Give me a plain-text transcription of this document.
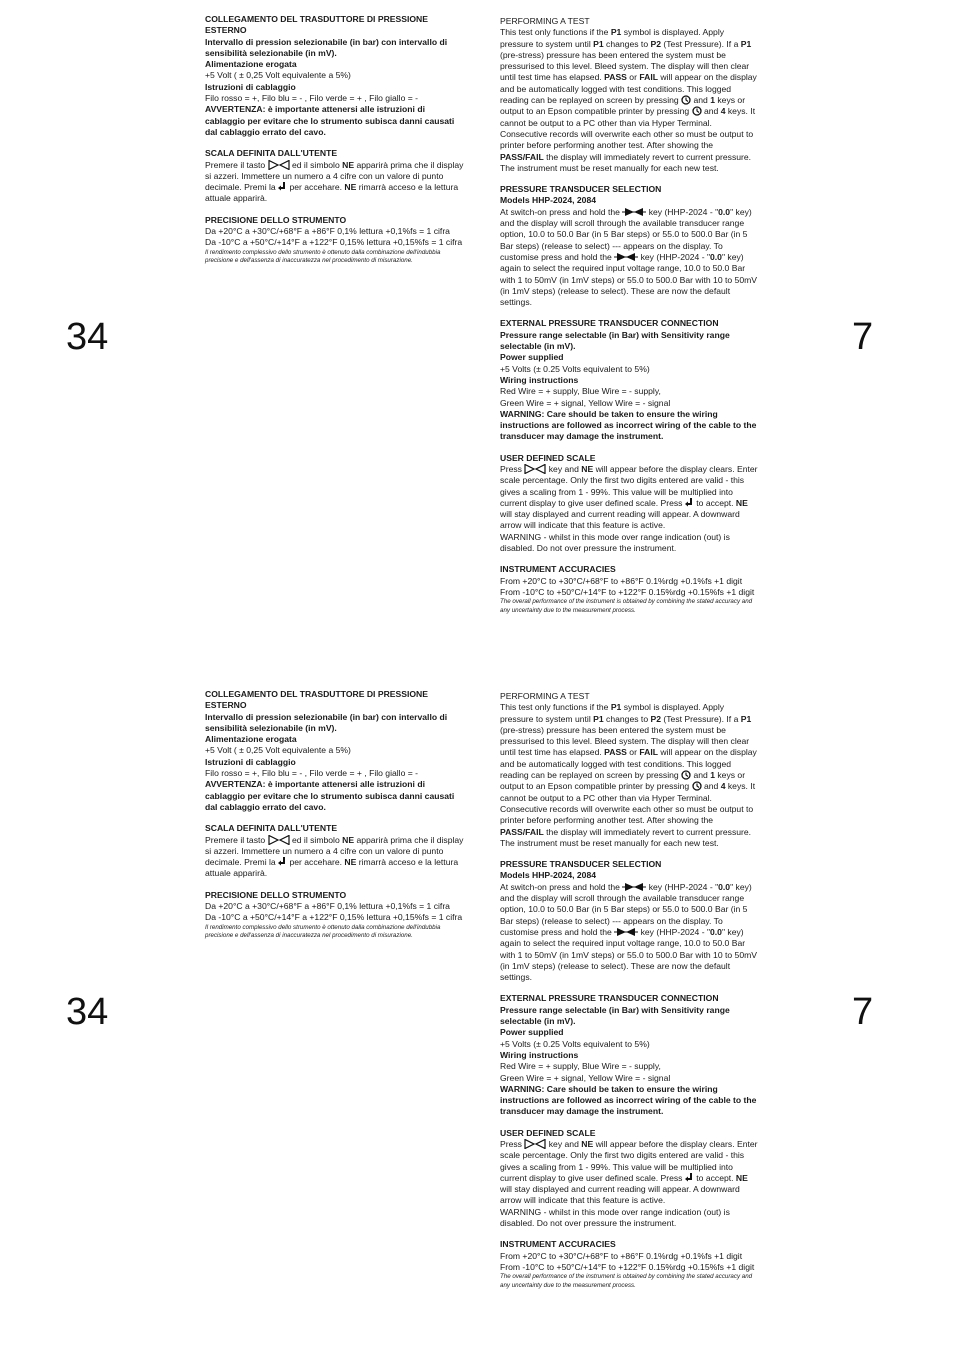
34	7

COLLEGAMENTO DEL TRASDUTTORE DI PRESSIONE ESTERNO

Intervallo di pression selezionabile (in bar) con intervallo di sensibilità selezionabile (in mV).

Alimentazione erogata

+5 Volt ( ± 0,25 Volt equivalente a 5%)

Istruzioni di cablaggio

Filo rosso = +, Filo blu = - , Filo verde = + , Filo giallo = -

AVVERTENZA: è importante attenersi alle istruzioni di cablaggio per evitare che lo strumento subisca danni causati dal cablaggio errato del cavo.

SCALA DEFINITA DALL'UTENTE

Premere il tasto	ed il simbolo NE apparirà prima che il display si azzeri. Immettere un numero a 4 cifre con un valore di punto decimale. Premi la per accehare. NE rimarrà acceso e la lettura attuale apparirà.

PRECISIONE DELLO STRUMENTO

Da +20°C a +30°C/+68°F a +86°F 0,1% lettura +0,1%fs = 1 cifra

Da -10°C a +50°C/+14°F a +122°F 0,15% lettura +0,15%fs = 1 cifra

Il rendimento complessivo dello strumento è ottenuto dalla combinazione dell'indubbia precisione e dell'assenza di inaccuratezza nel procedimento di misurazione.

PERFORMING A TEST

This test only functions if the P1 symbol is displayed. Apply pressure to system until P1 changes to P2 (Test Pressure). If a P1 (pre-stress) pressure has been entered the system must be pressurised to this level. Bleed system. The display will then clear until test time has elapsed. PASS or FAIL will appear on the display and be automatically logged with test conditions. This logged reading can be replayed on screen by pressing and 1 keys or output to an Epson compatible printer by pressing and 4 keys. It cannot be output to a PC other than via Hyper Terminal. Consecutive records will overwrite each other so must be output to printer before performing another test. After showing the PASS/FAIL the display will immediately revert to current pressure. The instrument must be reset manually for each new test.

PRESSURE TRANSDUCER SELECTION

Models HHP-2024, 2084

At switch-on press and hold the	key (HHP-2024 - "0.0" key) and the display will scroll through the available transducer range option, 10.0 to 50.0 Bar (in 5 Bar steps) or 55.0 to 500.0 Bar (in 5 Bar steps) (release to select) --- appears on the display. To customise press and hold the	key (HHP-2024 - "0.0" key) again to select the required input voltage range, 10.0 to 50.0 Bar with 1 to 50mV (in 1mV steps) or 55.0 to 500.0 Bar with 10 to 50mV (in 1mV steps) (release to select). These are now the default settings.

EXTERNAL PRESSURE TRANSDUCER CONNECTION

Pressure range selectable (in Bar) with Sensitivity range selectable (in mV).

Power supplied

+5 Volts (± 0.25 Volts equivalent to 5%)

Wiring instructions

Red Wire = + supply, Blue Wire = - supply,

Green Wire = + signal, Yellow Wire = - signal

WARNING: Care should be taken to ensure the wiring instructions are followed as incorrect wiring of the cable to the transducer may damage the instrument.

USER DEFINED SCALE

Press	key and NE will appear before the display clears. Enter scale percentage. Only the first two digits entered are valid - this gives a scaling from 1 - 99%. This value will be multiplied into current display to give user defined scale. Press to accept. NE will stay displayed and current reading will appear. A downward arrow will indicate that this feature is active.

WARNING - whilst in this mode over range indication (out) is disabled. Do not over pressure the instrument.

INSTRUMENT ACCURACIES

From +20°C to +30°C/+68°F to +86°F 0.1%rdg +0.1%fs +1 digit

From -10°C to +50°C/+14°F to +122°F 0.15%rdg +0.15%fs +1 digit

The overall performance of the instrument is obtained by combining the stated accuracy and any uncertainty due to the measurement process.

34	7

COLLEGAMENTO DEL TRASDUTTORE DI PRESSIONE ESTERNO

Intervallo di pression selezionabile (in bar) con intervallo di sensibilità selezionabile (in mV).

Alimentazione erogata

+5 Volt ( ± 0,25 Volt equivalente a 5%)

Istruzioni di cablaggio

Filo rosso = +, Filo blu = - , Filo verde = + , Filo giallo = -

AVVERTENZA: è importante attenersi alle istruzioni di cablaggio per evitare che lo strumento subisca danni causati dal cablaggio errato del cavo.

SCALA DEFINITA DALL'UTENTE

Premere il tasto	ed il simbolo NE apparirà prima che il display si azzeri. Immettere un numero a 4 cifre con un valore di punto decimale. Premi la per accehare. NE rimarrà acceso e la lettura attuale apparirà.

PRECISIONE DELLO STRUMENTO

Da +20°C a +30°C/+68°F a +86°F 0,1% lettura +0,1%fs = 1 cifra

Da -10°C a +50°C/+14°F a +122°F 0,15% lettura +0,15%fs = 1 cifra

Il rendimento complessivo dello strumento è ottenuto dalla combinazione dell'indubbia precisione e dell'assenza di inaccuratezza nel procedimento di misurazione.

PERFORMING A TEST

This test only functions if the P1 symbol is displayed. Apply pressure to system until P1 changes to P2 (Test Pressure). If a P1 (pre-stress) pressure has been entered the system must be pressurised to this level. Bleed system. The display will then clear until test time has elapsed. PASS or FAIL will appear on the display and be automatically logged with test conditions. This logged reading can be replayed on screen by pressing and 1 keys or output to an Epson compatible printer by pressing and 4 keys. It cannot be output to a PC other than via Hyper Terminal. Consecutive records will overwrite each other so must be output to printer before performing another test. After showing the PASS/FAIL the display will immediately revert to current pressure. The instrument must be reset manually for each new test.

PRESSURE TRANSDUCER SELECTION

Models HHP-2024, 2084

At switch-on press and hold the	key (HHP-2024 - "0.0" key) and the display will scroll through the available transducer range option, 10.0 to 50.0 Bar (in 5 Bar steps) or 55.0 to 500.0 Bar (in 5 Bar steps) (release to select) --- appears on the display. To customise press and hold the	key (HHP-2024 - "0.0" key) again to select the required input voltage range, 10.0 to 50.0 Bar with 1 to 50mV (in 1mV steps) or 55.0 to 500.0 Bar with 10 to 50mV (in 1mV steps) (release to select). These are now the default settings.

EXTERNAL PRESSURE TRANSDUCER CONNECTION

Pressure range selectable (in Bar) with Sensitivity range selectable (in mV).

Power supplied

+5 Volts (± 0.25 Volts equivalent to 5%)

Wiring instructions

Red Wire = + supply, Blue Wire = - supply,

Green Wire = + signal, Yellow Wire = - signal

WARNING: Care should be taken to ensure the wiring instructions are followed as incorrect wiring of the cable to the transducer may damage the instrument.

USER DEFINED SCALE

Press	key and NE will appear before the display clears. Enter scale percentage. Only the first two digits entered are valid - this gives a scaling from 1 - 99%. This value will be multiplied into current display to give user defined scale. Press to accept. NE will stay displayed and current reading will appear. A downward arrow will indicate that this feature is active.

WARNING - whilst in this mode over range indication (out) is disabled. Do not over pressure the instrument.

INSTRUMENT ACCURACIES

From +20°C to +30°C/+68°F to +86°F 0.1%rdg +0.1%fs +1 digit

From -10°C to +50°C/+14°F to +122°F 0.15%rdg +0.15%fs +1 digit

The overall performance of the instrument is obtained by combining the stated accuracy and any uncertainty due to the measurement process.
